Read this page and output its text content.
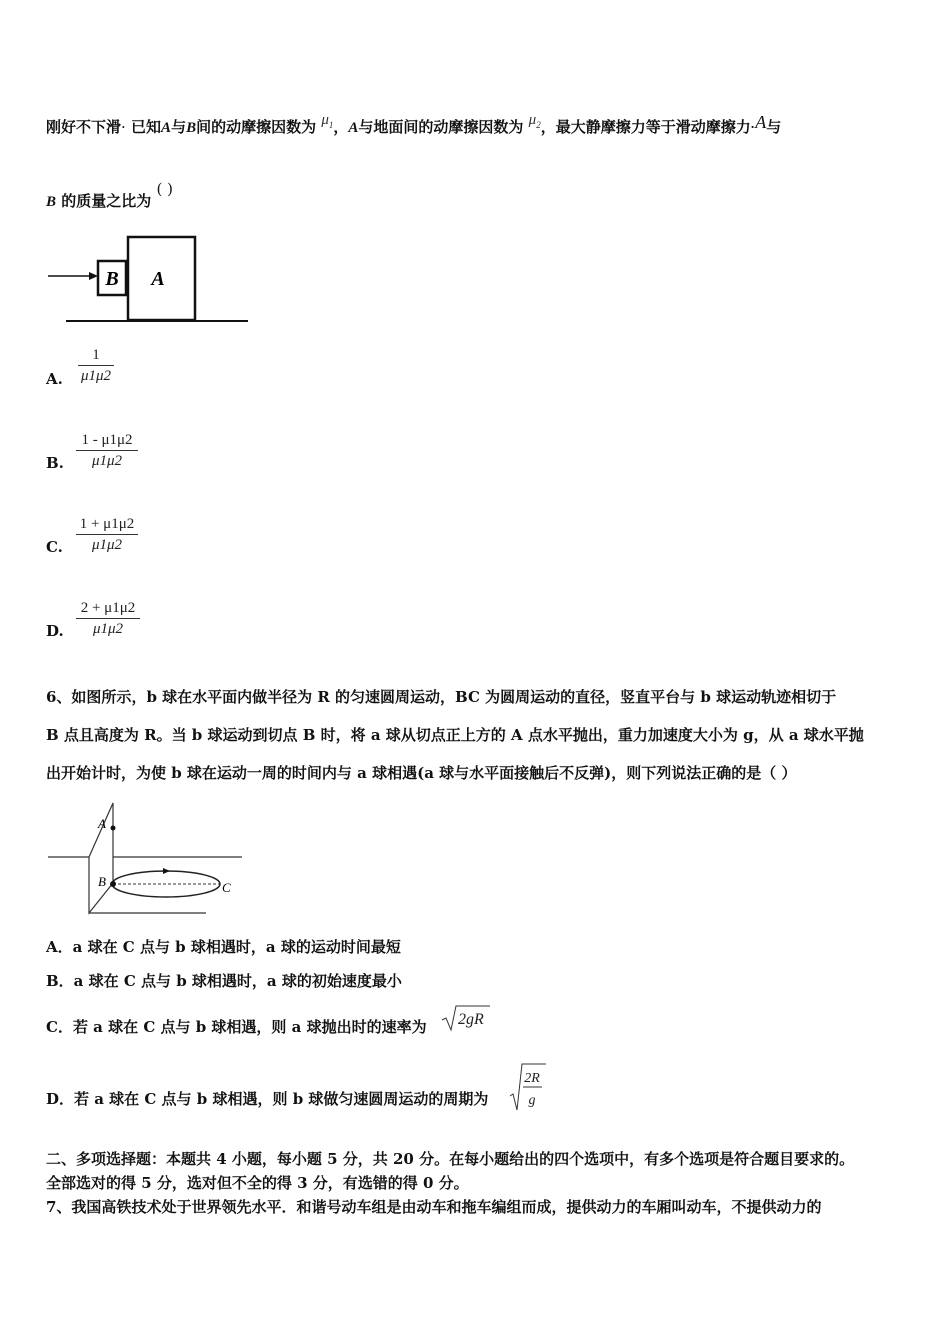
刚好不下滑· 已知A与B间的动摩擦因数为 $\mu_1$，A与地面间的动摩擦因数为 $\mu_2$，最大静摩擦力等于滑动摩擦力.A与
B 的质量之比为 ( )
B A
A. $\frac{1}{\mu 1\mu 2}$
B. $\frac{1 - \mu 1\mu 2}{\mu 1\mu 2}$
C. $\frac{1 + \mu 1\mu 2}{\mu 1\mu 2}$
D. $\frac{2 + \mu 1\mu 2}{\mu 1\mu 2}$
6、如图所示，b 球在水平面内做半径为 R 的匀速圆周运动，BC 为圆周运动的直径，竖直平台与 b 球运动轨迹相切于
B 点且高度为 R。当 b 球运动到切点 B 时，将 a 球从切点正上方的 A 点水平抛出，重力加速度大小为 g，从 a 球水平抛
出开始计时，为使 b 球在运动一周的时间内与 a 球相遇(a 球与水平面接触后不反弹)，则下列说法正确的是（ ）
A
B	C
A．a 球在 C 点与 b 球相遇时，a 球的运动时间最短
B．a 球在 C 点与 b 球相遇时，a 球的初始速度最小
C．若 a 球在 C 点与 b 球相遇，则 a 球抛出时的速率为 2gR
D．若 a 球在 C 点与 b 球相遇，则 b 球做匀速圆周运动的周期为
2R
g
二、多项选择题：本题共 4 小题，每小题 5 分，共 20 分。在每小题给出的四个选项中，有多个选项是符合题目要求的。
全部选对的得 5 分，选对但不全的得 3 分，有选错的得 0 分。
7、我国高铁技术处于世界领先水平．和谐号动车组是由动车和拖车编组而成，提供动力的车厢叫动车，不提供动力的
